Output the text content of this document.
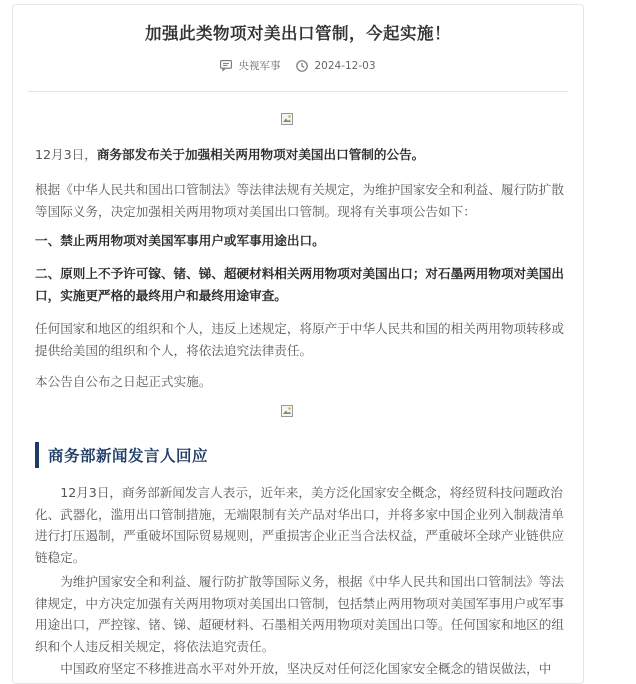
加强此类物项对美出口管制，今起实施！
央视军事	2024-12-03

12月3日，商务部发布关于加强相关两用物项对美国出口管制的公告。

根据《中华人民共和国出口管制法》等法律法规有关规定，为维护国家安全和利益、履行防扩散等国际义务，决定加强相关两用物项对美国出口管制。现将有关事项公告如下：

一、禁止两用物项对美国军事用户或军事用途出口。

二、原则上不予许可镓、锗、锑、超硬材料相关两用物项对美国出口；对石墨两用物项对美国出口，实施更严格的最终用户和最终用途审查。

任何国家和地区的组织和个人，违反上述规定，将原产于中华人民共和国的相关两用物项转移或提供给美国的组织和个人，将依法追究法律责任。

本公告自公布之日起正式实施。

商务部新闻发言人回应

12月3日，商务部新闻发言人表示，近年来，美方泛化国家安全概念，将经贸科技问题政治化、武器化，滥用出口管制措施，无端限制有关产品对华出口，并将多家中国企业列入制裁清单进行打压遏制，严重破坏国际贸易规则，严重损害企业正当合法权益，严重破坏全球产业链供应链稳定。

为维护国家安全和利益、履行防扩散等国际义务，根据《中华人民共和国出口管制法》等法律规定，中方决定加强有关两用物项对美国出口管制，包括禁止两用物项对美国军事用户或军事用途出口，严控镓、锗、锑、超硬材料、石墨相关两用物项对美国出口等。任何国家和地区的组织和个人违反相关规定，将依法追究责任。

中国政府坚定不移推进高水平对外开放，坚决反对任何泛化国家安全概念的错误做法，中
